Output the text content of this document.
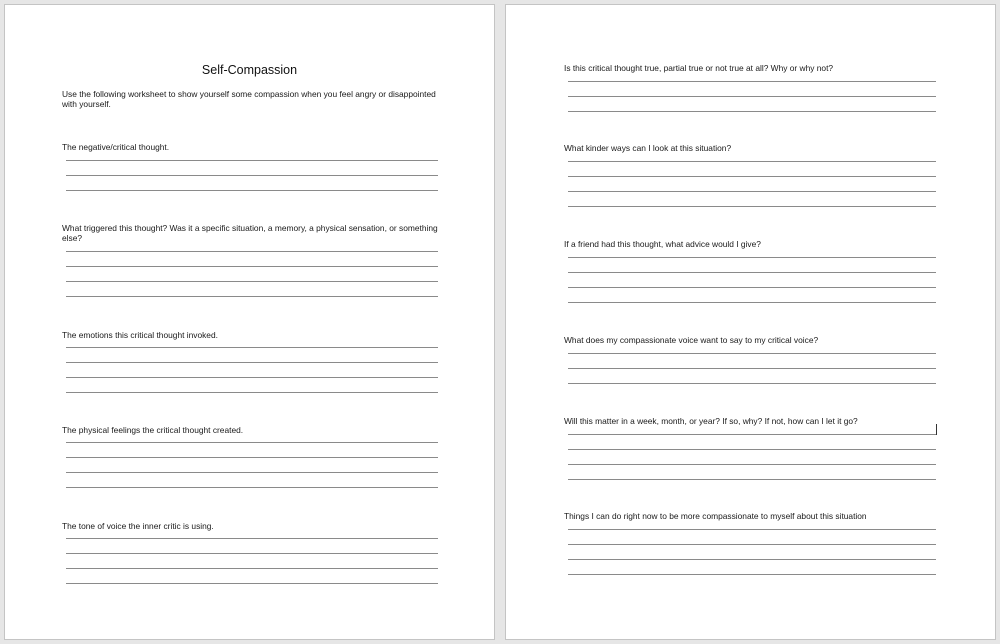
Self-Compassion
Use the following worksheet to show yourself some compassion when you feel angry or disappointed with yourself.
The negative/critical thought.
What triggered this thought? Was it a specific situation, a memory, a physical sensation, or something else?
The emotions this critical thought invoked.
The physical feelings the critical thought created.
The tone of voice the inner critic is using.
Is this critical thought true, partial true or not true at all? Why or why not?
What kinder ways can I look at this situation?
If a friend had this thought, what advice would I give?
What does my compassionate voice want to say to my critical voice?
Will this matter in a week, month, or year? If so, why? If not, how can I let it go?
Things I can do right now to be more compassionate to myself about this situation
